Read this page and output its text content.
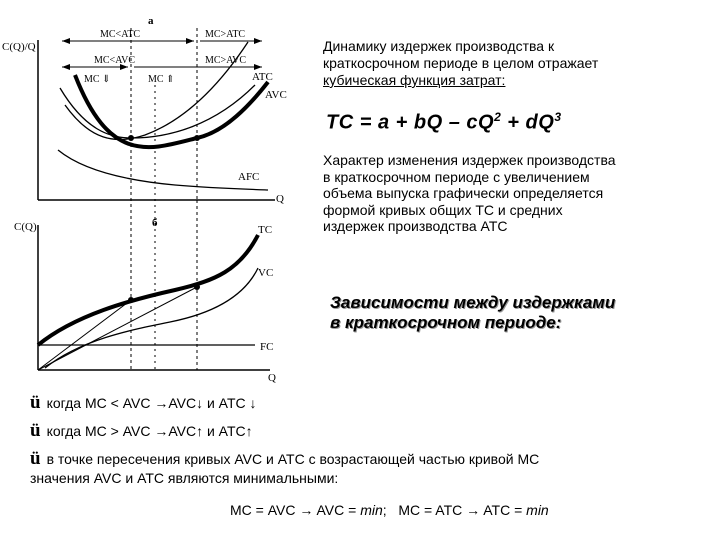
а
C(Q)/Q
Q
MC<ATC	MC>ATC
MC<AVC	MC>AVC
MC ⇓	MC ⇑	ATC
AVC
AFC
б
C(Q)
Q
TC
VC
FC
Динамику издержек производства к
краткосрочном периоде в целом отражает
кубическая функция затрат:
TC = a + bQ – $cQ^2 + dQ^3$
Характер изменения издержек производства
в краткосрочном периоде с увеличением
объема выпуска графически определяется
формой кривых общих TC и средних
издержек производства ATC
Зависимости между издержками
в краткосрочном периоде:
ü когда МС < AVC →AVC↓ и ATC ↓
ü когда МС > AVC →AVC↑ и ATC↑
ü в точке пересечения кривых AVC и ATC с возрастающей частью кривой МС
значения AVC и ATC являются минимальными:
МС = AVC → AVC = min;   MC = ATC → ATC = min
